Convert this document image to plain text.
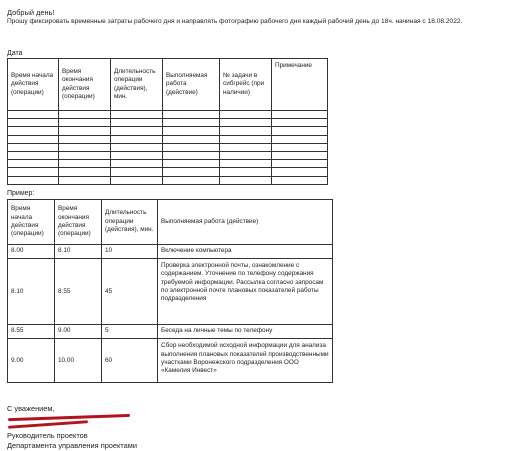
Добрый день!
Прошу фиксировать временные затраты рабочего дня и направлять фотографию рабочего дня каждый рабочий день до 18ч. начиная с 18.08.2022.
Дата
Время начала действия (операции)	Время окончания действия (операции)	Длительность операции (действия), мин.	Выполняемая работа (действие)	№ задачи в сибгрейс (при наличии)	Примечание

Пример:
Время начала действия (операции)	Время окончания действия (операции)	Длительность операции (действия), мин.	Выполняемая работа (действие)
8.00	8.10	10	Включение компьютера
8.10	8.55	45	Проверка электронной почты, ознакомление с содержанием. Уточнение по телефону содержания требуемой информации. Рассылка согласно запросам по электронной почте плановых показателей работы подразделения
8.55	9.00	5	Беседа на личные темы по телефону
9.00	10.00	60	Сбор необходимой исходной информации для анализа выполнения плановых показателей производственными участками Воронежского подразделения ООО «Камелия Инвест»
С уважением,
Руководитель проектов
Департамента управления проектами
